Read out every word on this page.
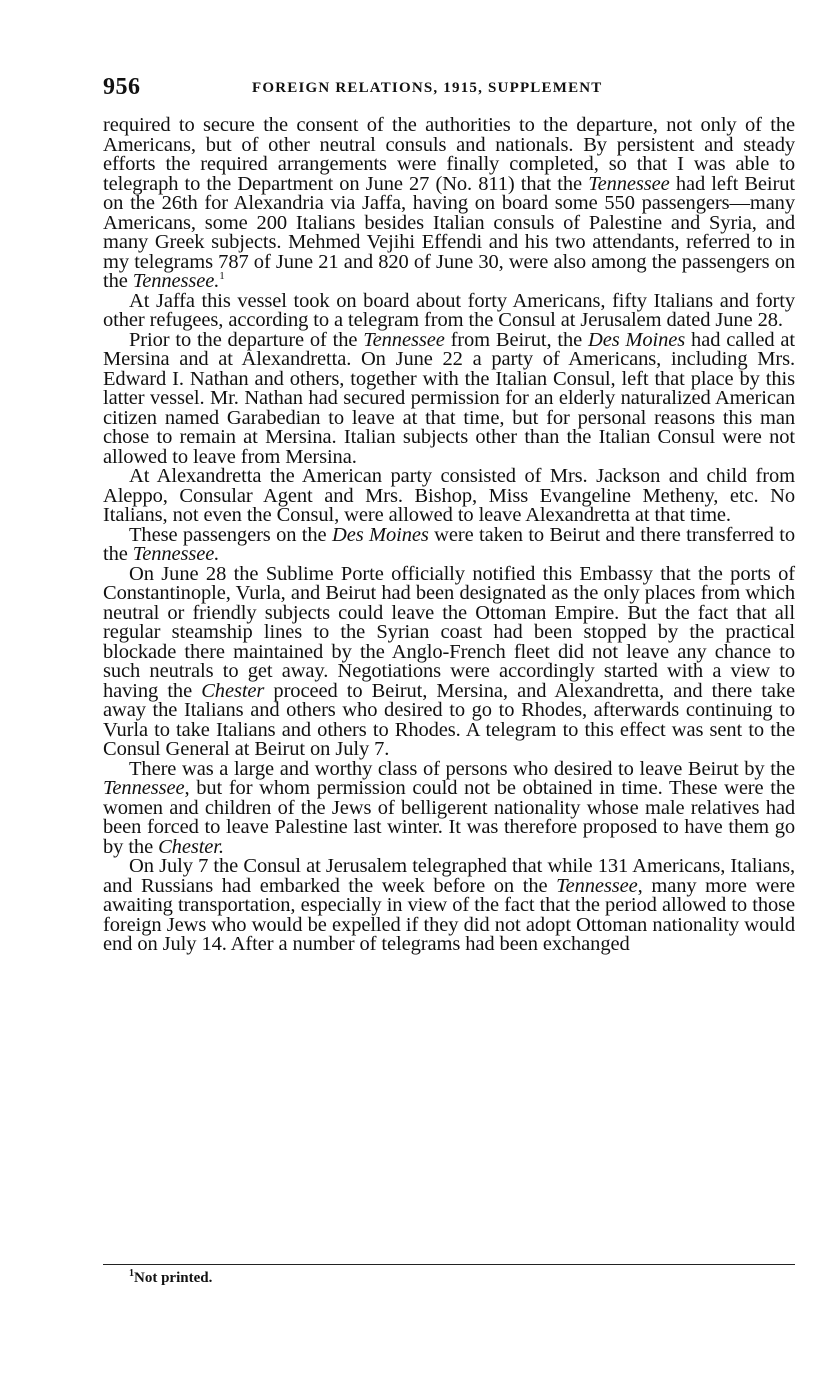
956	FOREIGN RELATIONS, 1915, SUPPLEMENT

required to secure the consent of the authorities to the departure, not only of the Americans, but of other neutral consuls and nationals. By persistent and steady efforts the required arrangements were finally completed, so that I was able to telegraph to the Department on June 27 (No. 811) that the Tennessee had left Beirut on the 26th for Alexandria via Jaffa, having on board some 550 passengers—many Americans, some 200 Italians besides Italian consuls of Palestine and Syria, and many Greek subjects. Mehmed Vejihi Effendi and his two attendants, referred to in my telegrams 787 of June 21 and 820 of June 30, were also among the passengers on the Tennessee.$^1$

At Jaffa this vessel took on board about forty Americans, fifty Italians and forty other refugees, according to a telegram from the Consul at Jerusalem dated June 28.

Prior to the departure of the Tennessee from Beirut, the Des Moines had called at Mersina and at Alexandretta. On June 22 a party of Americans, including Mrs. Edward I. Nathan and others, together with the Italian Consul, left that place by this latter vessel. Mr. Nathan had secured permission for an elderly naturalized American citizen named Garabedian to leave at that time, but for personal reasons this man chose to remain at Mersina. Italian subjects other than the Italian Consul were not allowed to leave from Mersina.

At Alexandretta the American party consisted of Mrs. Jackson and child from Aleppo, Consular Agent and Mrs. Bishop, Miss Evangeline Metheny, etc. No Italians, not even the Consul, were allowed to leave Alexandretta at that time.

These passengers on the Des Moines were taken to Beirut and there transferred to the Tennessee.

On June 28 the Sublime Porte officially notified this Embassy that the ports of Constantinople, Vurla, and Beirut had been designated as the only places from which neutral or friendly subjects could leave the Ottoman Empire. But the fact that all regular steamship lines to the Syrian coast had been stopped by the practical blockade there maintained by the Anglo-French fleet did not leave any chance to such neutrals to get away. Negotiations were accordingly started with a view to having the Chester proceed to Beirut, Mersina, and Alexandretta, and there take away the Italians and others who desired to go to Rhodes, afterwards continuing to Vurla to take Italians and others to Rhodes. A telegram to this effect was sent to the Consul General at Beirut on July 7.

There was a large and worthy class of persons who desired to leave Beirut by the Tennessee, but for whom permission could not be obtained in time. These were the women and children of the Jews of belligerent nationality whose male relatives had been forced to leave Palestine last winter. It was therefore proposed to have them go by the Chester.

On July 7 the Consul at Jerusalem telegraphed that while 131 Americans, Italians, and Russians had embarked the week before on the Tennessee, many more were awaiting transportation, especially in view of the fact that the period allowed to those foreign Jews who would be expelled if they did not adopt Ottoman nationality would end on July 14. After a number of telegrams had been exchanged

$^1$Not printed.
